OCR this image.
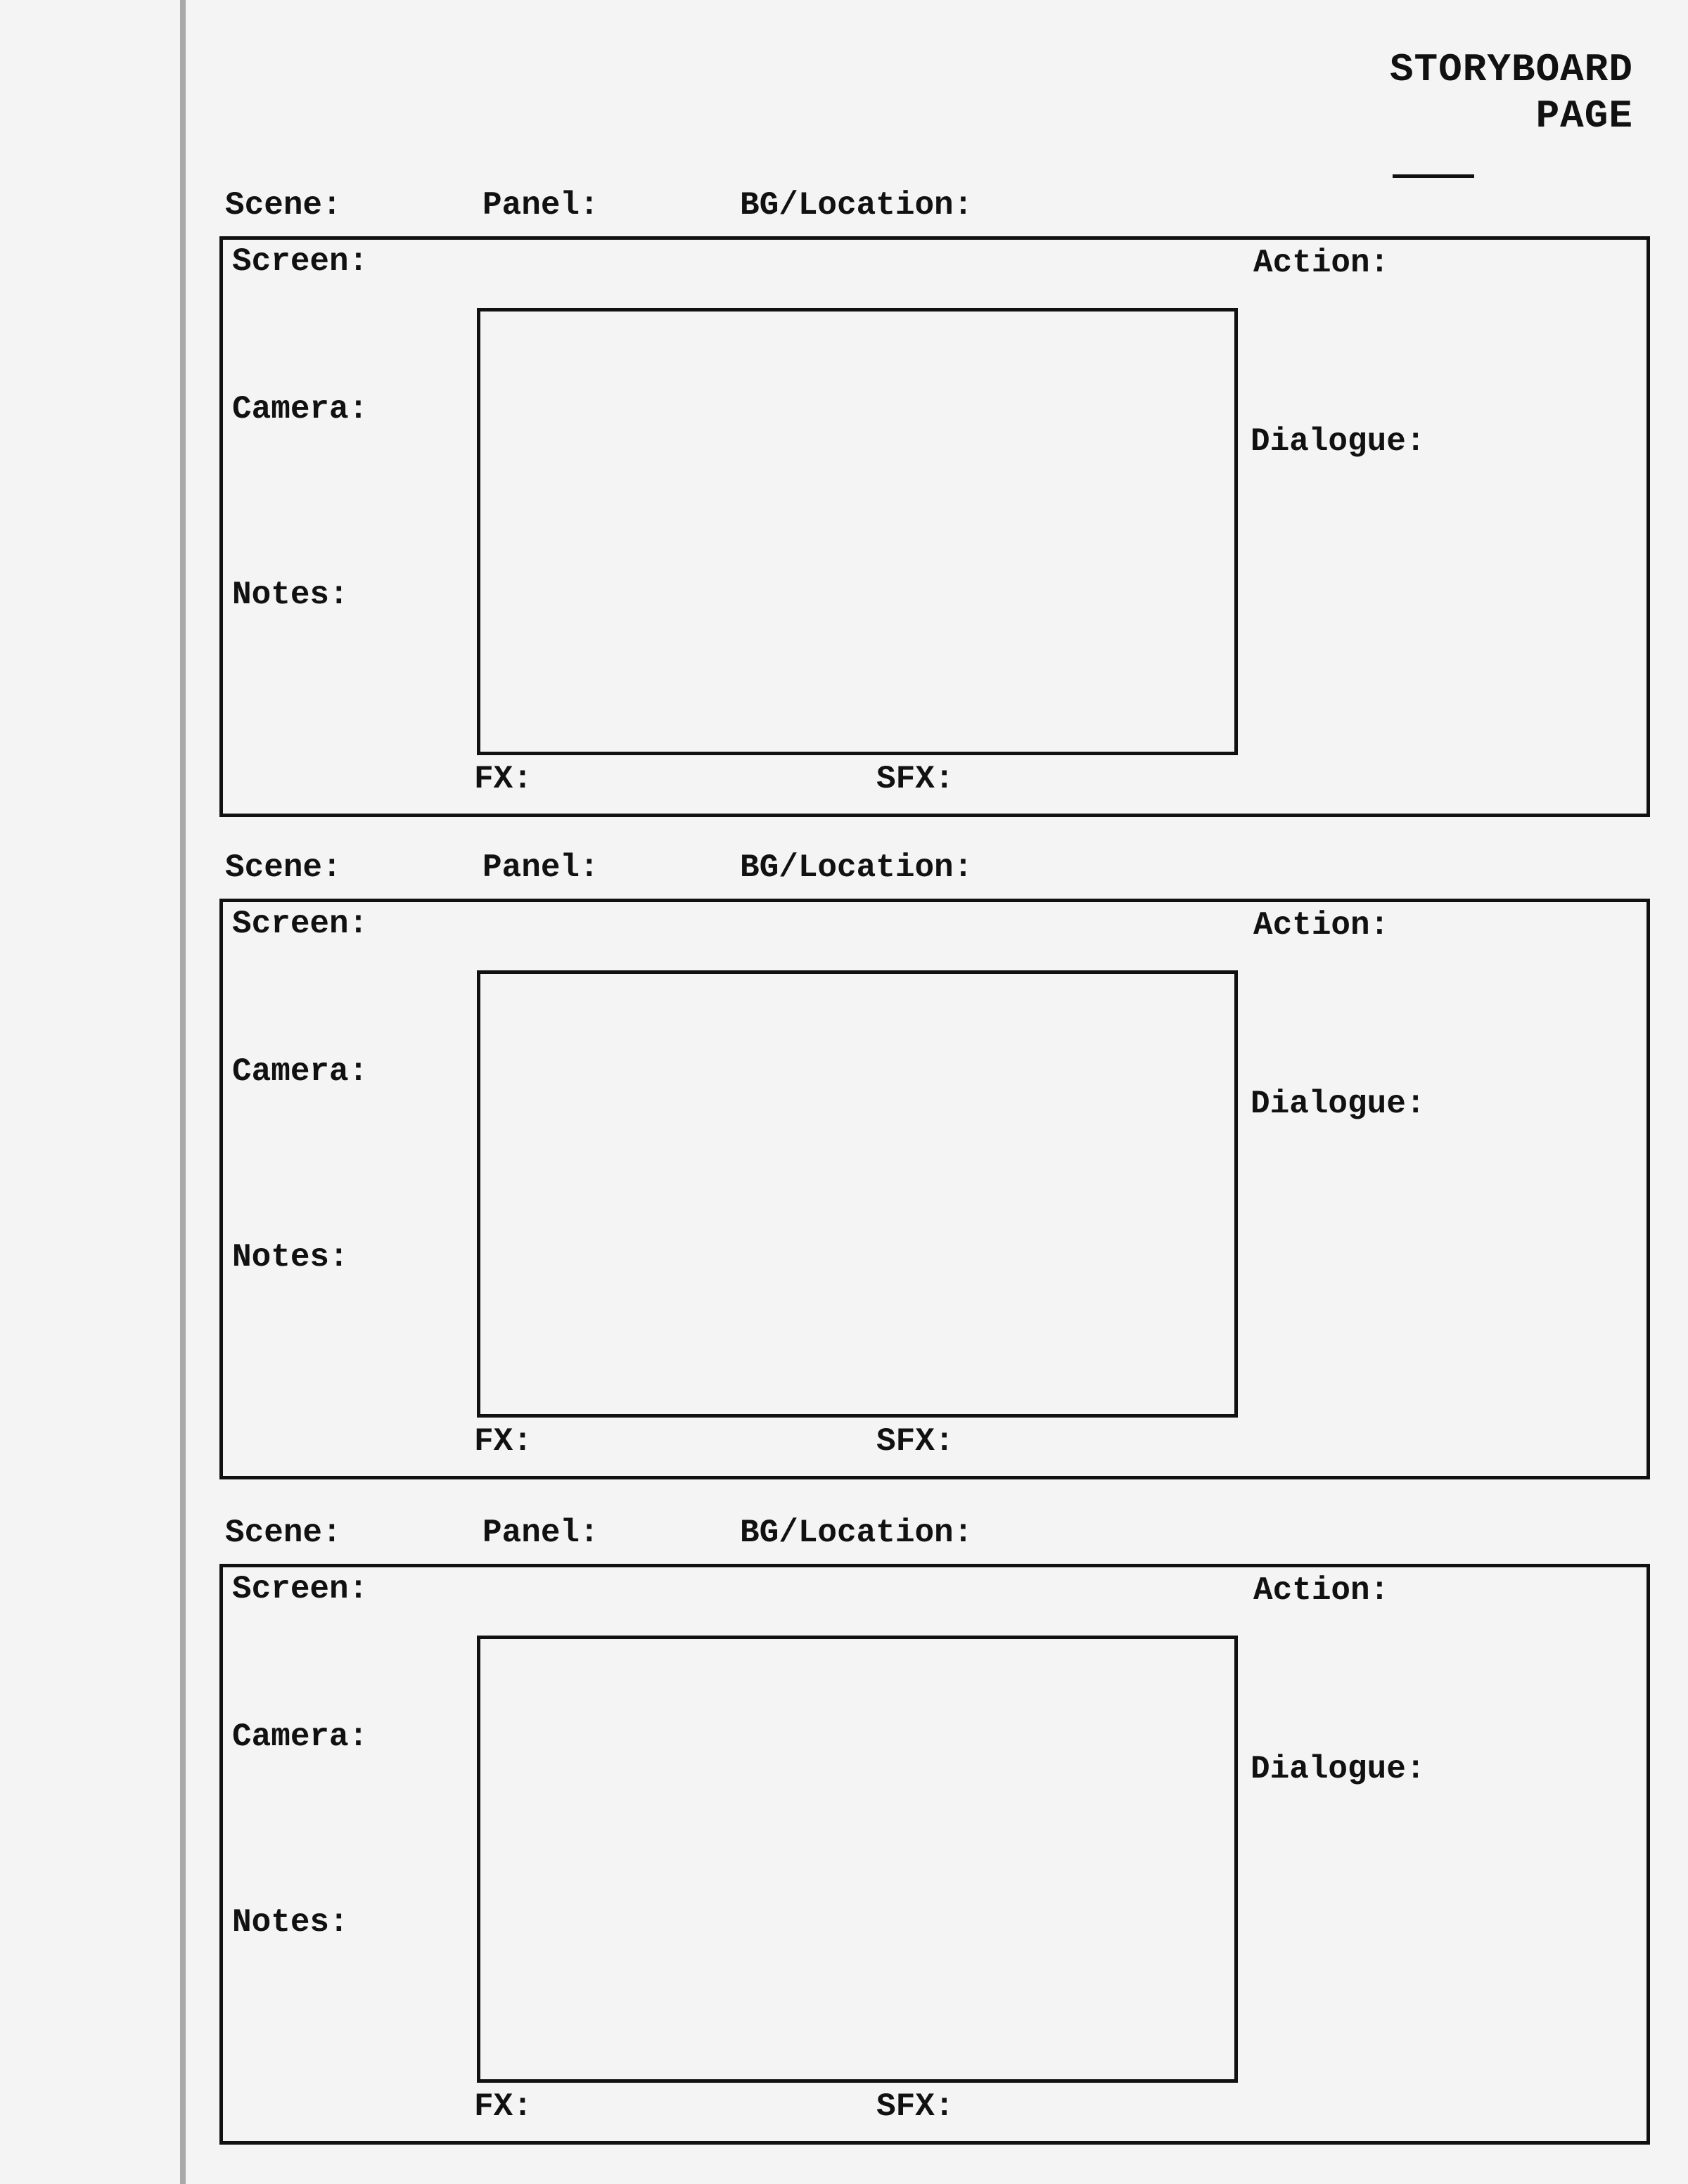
STORYBOARD
PAGE
Scene:	Panel:	BG/Location:
Screen:	Action:
Camera:
Dialogue:
Notes:
FX:	SFX:
Scene:	Panel:	BG/Location:
Screen:	Action:
Camera:
Dialogue:
Notes:
FX:	SFX:
Scene:	Panel:	BG/Location:
Screen:	Action:
Camera:
Dialogue:
Notes:
FX:	SFX:
